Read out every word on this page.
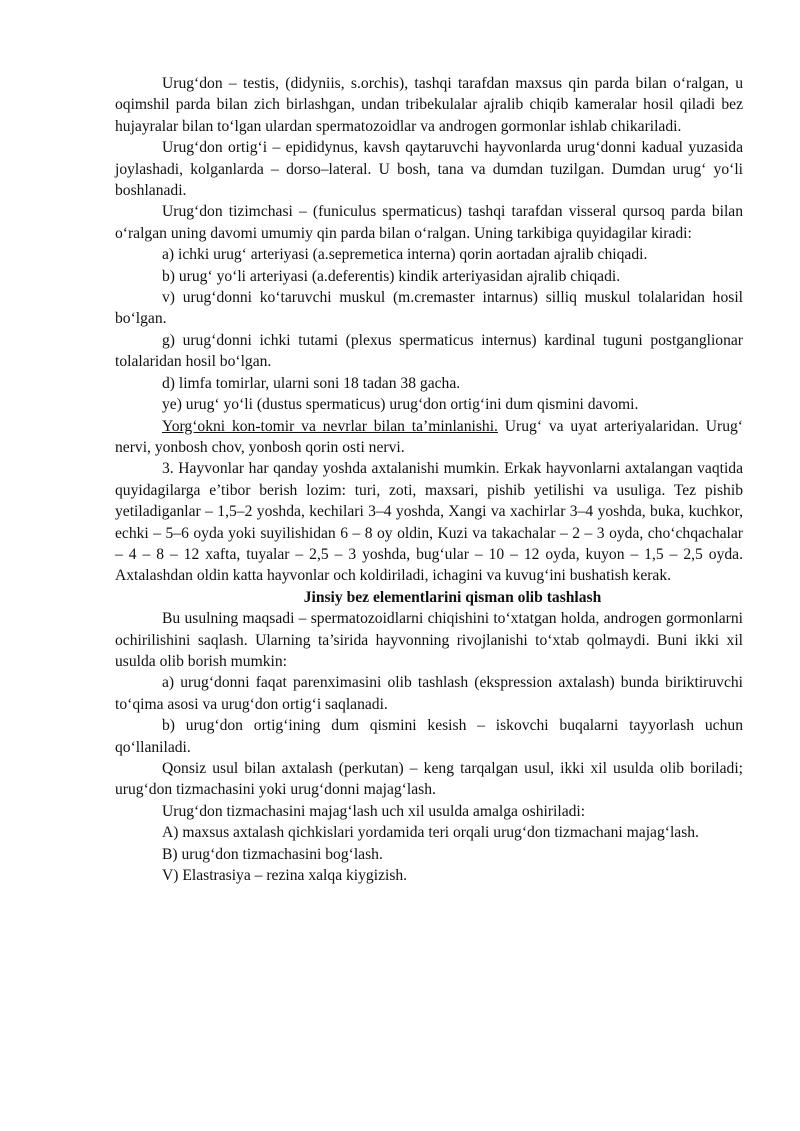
Urug‘don – testis, (didyniis, s.orchis), tashqi tarafdan maxsus qin parda bilan o‘ralgan, u oqimshil parda bilan zich birlashgan, undan tribekulalar ajralib chiqib kameralar hosil qiladi bez hujayralar bilan to‘lgan ulardan spermatozoidlar va androgen gormonlar ishlab chikariladi.

Urug‘don ortig‘i – epididynus, kavsh qaytaruvchi hayvonlarda urug‘donni kadual yuzasida joylashadi, kolganlarda – dorso–lateral. U bosh, tana va dumdan tuzilgan. Dumdan urug‘ yo‘li boshlanadi.

Urug‘don tizimchasi – (funiculus spermaticus) tashqi tarafdan visseral qursoq parda bilan o‘ralgan uning davomi umumiy qin parda bilan o‘ralgan. Uning tarkibiga quyidagilar kiradi:

a) ichki urug‘ arteriyasi (a.sepremetica interna) qorin aortadan ajralib chiqadi.

b) urug‘ yo‘li arteriyasi (a.deferentis) kindik arteriyasidan ajralib chiqadi.

v) urug‘donni ko‘taruvchi muskul (m.cremaster intarnus) silliq muskul tolalaridan hosil bo‘lgan.

g) urug‘donni ichki tutami (plexus spermaticus internus) kardinal tuguni postganglionar tolalaridan hosil bo‘lgan.

d) limfa tomirlar, ularni soni 18 tadan 38 gacha.

ye) urug‘ yo‘li (dustus spermaticus) urug‘don ortig‘ini dum qismini davomi.

Yorg‘okni kon-tomir va nevrlar bilan ta’minlanishi. Urug‘ va uyat arteriyalaridan. Urug‘ nervi, yonbosh chov, yonbosh qorin osti nervi.

3. Hayvonlar har qanday yoshda axtalanishi mumkin. Erkak hayvonlarni axtalangan vaqtida quyidagilarga e’tibor berish lozim: turi, zoti, maxsari, pishib yetilishi va usuliga. Tez pishib yetiladiganlar – 1,5–2 yoshda, kechilari 3–4 yoshda, Xangi va xachirlar 3–4 yoshda, buka, kuchkor, echki – 5–6 oyda yoki suyilishidan 6 – 8 oy oldin, Kuzi va takachalar – 2 – 3 oyda, cho‘chqachalar – 4 – 8 – 12 xafta, tuyalar – 2,5 – 3 yoshda, bug‘ular – 10 – 12 oyda, kuyon – 1,5 – 2,5 oyda. Axtalashdan oldin katta hayvonlar och koldiriladi, ichagini va kuvug‘ini bushatish kerak.

Jinsiy bez elementlarini qisman olib tashlash

Bu usulning maqsadi – spermatozoidlarni chiqishini to‘xtatgan holda, androgen gormonlarni ochirilishini saqlash. Ularning ta’sirida hayvonning rivojlanishi to‘xtab qolmaydi. Buni ikki xil usulda olib borish mumkin:

a) urug‘donni faqat parenximasini olib tashlash (ekspression axtalash) bunda biriktiruvchi to‘qima asosi va urug‘don ortig‘i saqlanadi.

b) urug‘don ortig‘ining dum qismini kesish – iskovchi buqalarni tayyorlash uchun qo‘llaniladi.

Qonsiz usul bilan axtalash (perkutan) – keng tarqalgan usul, ikki xil usulda olib boriladi; urug‘don tizmachasini yoki urug‘donni majag‘lash.

Urug‘don tizmachasini majag‘lash uch xil usulda amalga oshiriladi:

A) maxsus axtalash qichkislari yordamida teri orqali urug‘don tizmachani majag‘lash.

B) urug‘don tizmachasini bog‘lash.

V) Elastrasiya – rezina xalqa kiygizish.
